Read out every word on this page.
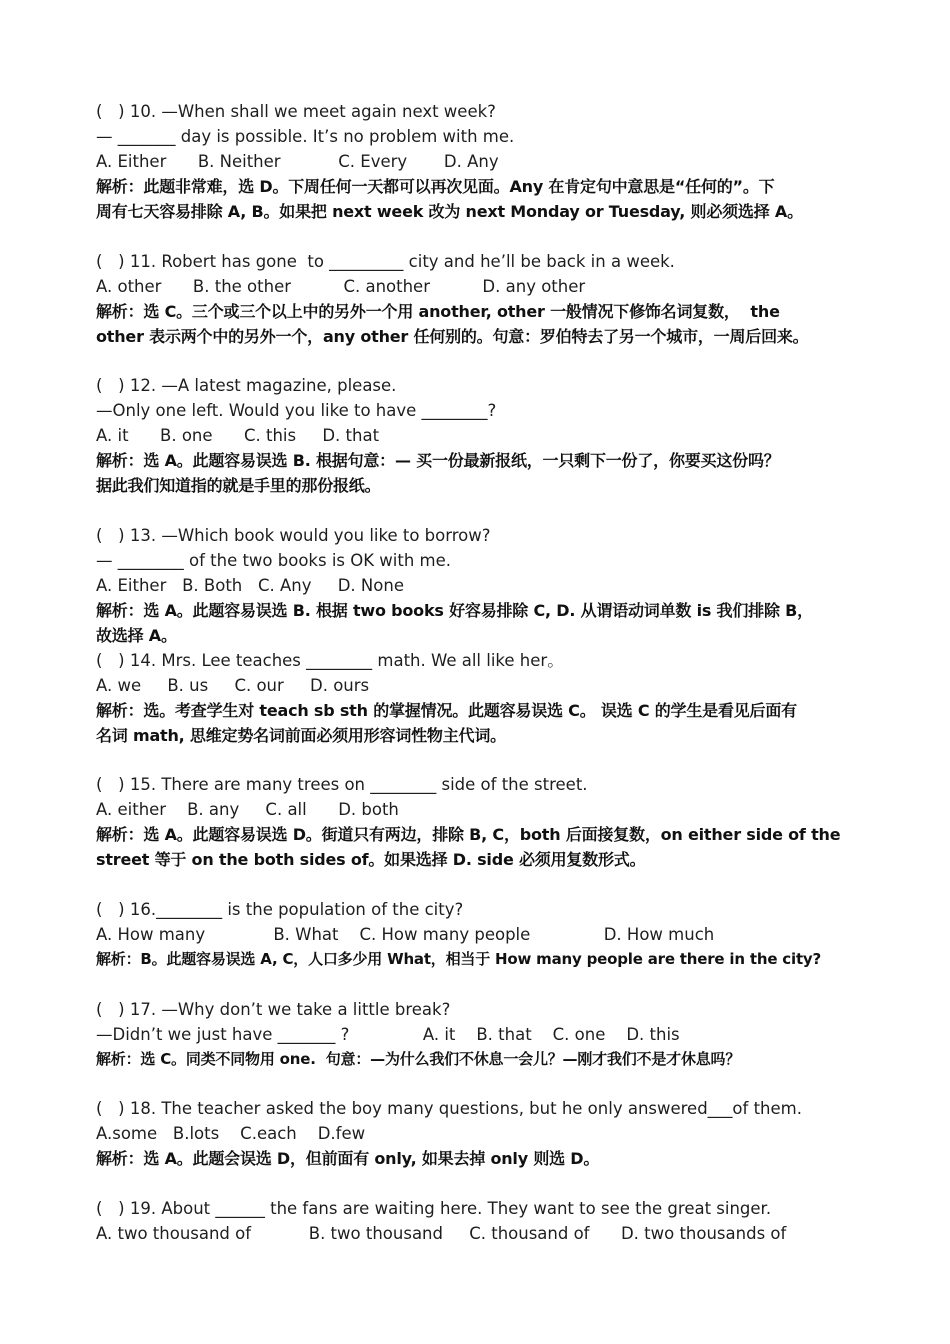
(   ) 10. —When shall we meet again next week?
— _______ day is possible. It’s no problem with me.
A. Either      B. Neither           C. Every       D. Any
解析：此题非常难，选 D。下周任何一天都可以再次见面。Any 在肯定句中意思是“任何的”。下
周有七天容易排除 A, B。如果把 next week 改为 next Monday or Tuesday, 则必须选择 A。
(   ) 11. Robert has gone  to _________ city and he’ll be back in a week.
A. other      B. the other          C. another          D. any other
解析：选 C。三个或三个以上中的另外一个用 another, other 一般情况下修饰名词复数，  the
other 表示两个中的另外一个，any other 任何别的。句意：罗伯特去了另一个城市，一周后回来。
(   ) 12. —A latest magazine, please.
—Only one left. Would you like to have ________?
A. it      B. one      C. this     D. that
解析：选 A。此题容易误选 B. 根据句意：— 买一份最新报纸，一只剩下一份了，你要买这份吗？
据此我们知道指的就是手里的那份报纸。
(   ) 13. —Which book would you like to borrow?
— ________ of the two books is OK with me.
A. Either   B. Both   C. Any     D. None
解析：选 A。此题容易误选 B. 根据 two books 好容易排除 C, D. 从谓语动词单数 is 我们排除 B，
故选择 A。
(   ) 14. Mrs. Lee teaches ________ math. We all like her。
A. we     B. us     C. our     D. ours
解析：选。考查学生对 teach sb sth 的掌握情况。此题容易误选 C。 误选 C 的学生是看见后面有
名词 math, 思维定势名词前面必须用形容词性物主代词。
(   ) 15. There are many trees on ________ side of the street.
A. either    B. any     C. all      D. both
解析：选 A。此题容易误选 D。街道只有两边，排除 B, C，both 后面接复数，on either side of the
street 等于 on the both sides of。如果选择 D. side 必须用复数形式。
(   ) 16.________ is the population of the city?
A. How many             B. What    C. How many people              D. How much
解析：B。此题容易误选 A, C，人口多少用 What，相当于 How many people are there in the city?
(   ) 17. —Why don’t we take a little break?
—Didn’t we just have _______ ?              A. it    B. that    C. one    D. this
解析：选 C。同类不同物用 one.  句意：—为什么我们不休息一会儿？—刚才我们不是才休息吗？
(   ) 18. The teacher asked the boy many questions, but he only answered___of them.
A.some   B.lots    C.each    D.few
解析：选 A。此题会误选 D，但前面有 only, 如果去掉 only 则选 D。
(   ) 19. About ______ the fans are waiting here. They want to see the great singer.
A. two thousand of           B. two thousand     C. thousand of      D. two thousands of
